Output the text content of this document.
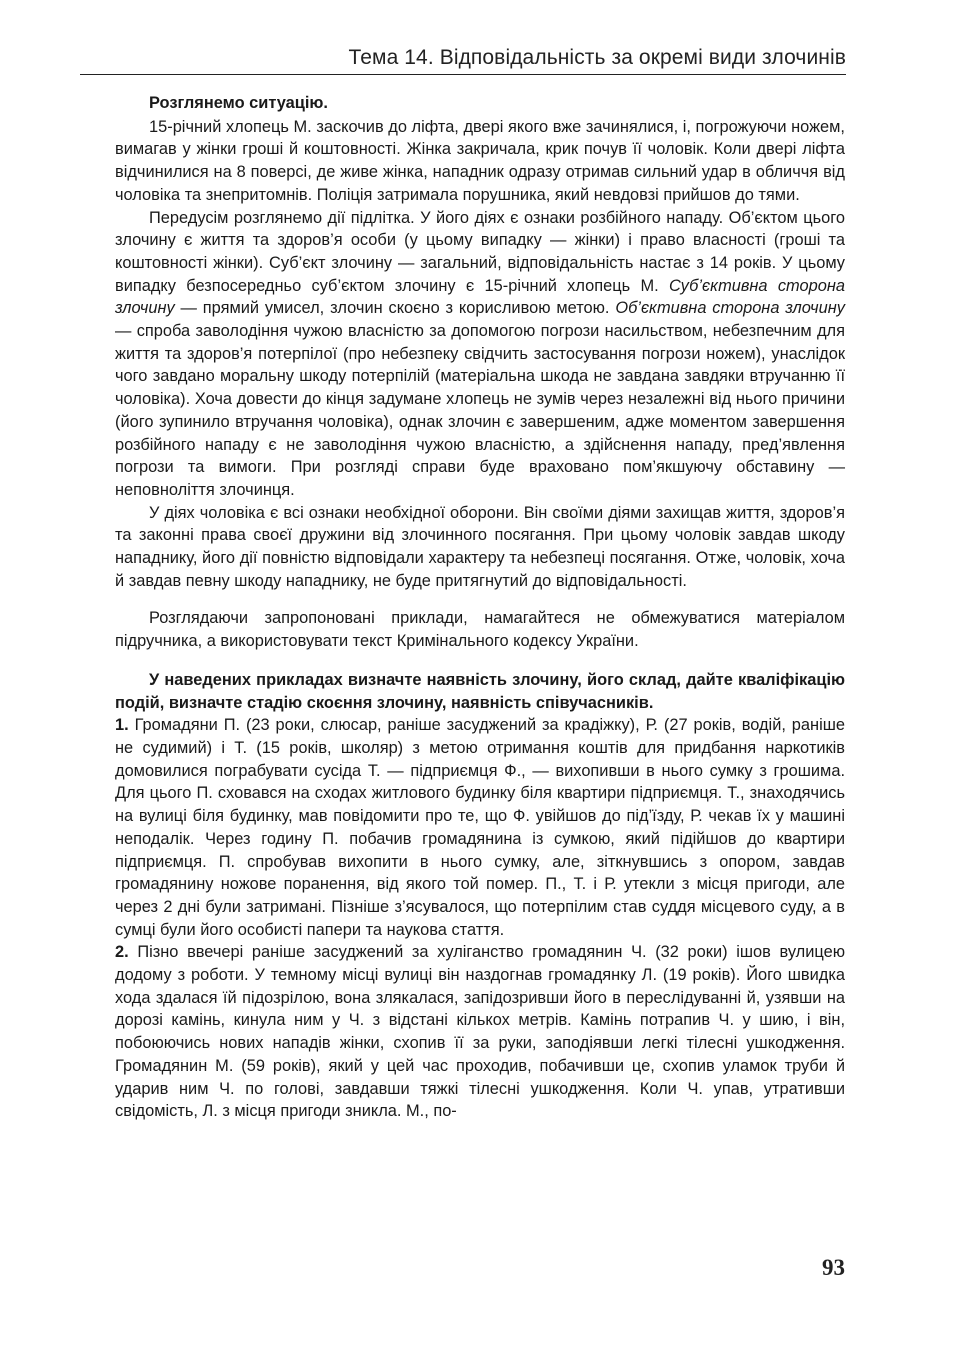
Тема 14. Відповідальність за окремі види злочинів

Розглянемо ситуацію.

15-річний хлопець М. заскочив до ліфта, двері якого вже зачинялися, і, погрожуючи ножем, вимагав у жінки гроші й коштовності. Жінка закричала, крик почув її чоловік. Коли двері ліфта відчинилися на 8 поверсі, де живе жінка, нападник одразу отримав сильний удар в обличчя від чоловіка та знепритомнів. Поліція затримала порушника, який невдовзі прийшов до тями.

Передусім розглянемо дії підлітка. У його діях є ознаки розбійного нападу. Об’єктом цього злочину є життя та здоров’я особи (у цьому випадку — жінки) і право власності (гроші та коштовності жінки). Суб’єкт злочину — загальний, відповідальність настає з 14 років. У цьому випадку безпосередньо суб’єктом злочину є 15-річний хлопець М. Суб’єктивна сторона злочину — прямий умисел, злочин скоєно з корисливою метою. Об’єктивна сторона злочину — спроба заволодіння чужою власністю за допомогою погрози насильством, небезпечним для життя та здоров’я потерпілої (про небезпеку свідчить застосування погрози ножем), унаслідок чого завдано моральну шкоду потерпілій (матеріальна шкода не завдана завдяки втручанню її чоловіка). Хоча довести до кінця задумане хлопець не зумів через незалежні від нього причини (його зупинило втручання чоловіка), однак злочин є завершеним, адже моментом завершення розбійного нападу є не заволодіння чужою власністю, а здійснення нападу, пред’явлення погрози та вимоги. При розгляді справи буде враховано пом’якшуючу обставину — неповноліття злочинця.

У діях чоловіка є всі ознаки необхідної оборони. Він своїми діями захищав життя, здоров’я та законні права своєї дружини від злочинного посягання. При цьому чоловік завдав шкоду нападнику, його дії повністю відповідали характеру та небезпеці посягання. Отже, чоловік, хоча й завдав певну шкоду нападнику, не буде притягнутий до відповідальності.

Розглядаючи запропоновані приклади, намагайтеся не обмежуватися матеріалом підручника, а використовувати текст Кримінального кодексу України.

У наведених прикладах визначте наявність злочину, його склад, дайте кваліфікацію подій, визначте стадію скоєння злочину, наявність співучасників.

1. Громадяни П. (23 роки, слюсар, раніше засуджений за крадіжку), Р. (27 років, водій, раніше не судимий) і Т. (15 років, школяр) з метою отримання коштів для придбання наркотиків домовилися пограбувати сусіда Т. — підприємця Ф., — вихопивши в нього сумку з грошима. Для цього П. сховався на сходах житлового будинку біля квартири підприємця. Т., знаходячись на вулиці біля будинку, мав повідомити про те, що Ф. увійшов до під’їзду, Р. чекав їх у машині неподалік. Через годину П. побачив громадянина із сумкою, який підійшов до квартири підприємця. П. спробував вихопити в нього сумку, але, зіткнувшись з опором, завдав громадянину ножове поранення, від якого той помер. П., Т. і Р. утекли з місця пригоди, але через 2 дні були затримані. Пізніше з’ясувалося, що потерпілим став суддя місцевого суду, а в сумці були його особисті папери та наукова стаття.

2. Пізно ввечері раніше засуджений за хуліганство громадянин Ч. (32 роки) ішов вулицею додому з роботи. У темному місці вулиці він наздогнав громадянку Л. (19 років). Його швидка хода здалася їй підозрілою, вона злякалася, запідозривши його в переслідуванні й, узявши на дорозі камінь, кинула ним у Ч. з відстані кількох метрів. Камінь потрапив Ч. у шию, і він, побоюючись нових нападів жінки, схопив її за руки, заподіявши легкі тілесні ушкодження. Громадянин М. (59 років), який у цей час проходив, побачивши це, схопив уламок труби й ударив ним Ч. по голові, завдавши тяжкі тілесні ушкодження. Коли Ч. упав, утративши свідомість, Л. з місця пригоди зникла. М., по-

93
